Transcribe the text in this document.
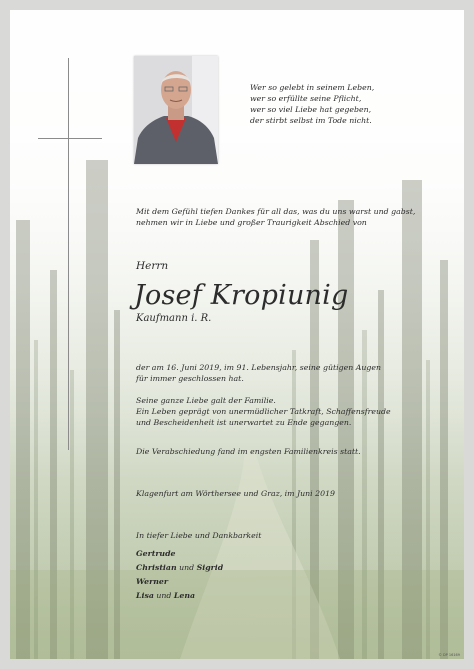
Wer so gelebt in seinem Leben,
wer so erfüllte seine Pflicht,
wer so viel Liebe hat gegeben,
der stirbt selbst im Tode nicht.
Mit dem Gefühl tiefen Dankes für all das, was du uns warst und gabst,
nehmen wir in Liebe und großer Traurigkeit Abschied von
Herrn
Josef Kropiunig
Kaufmann i. R.
der am 16. Juni 2019, im 91. Lebensjahr, seine gütigen Augen
für immer geschlossen hat.
Seine ganze Liebe galt der Familie.
Ein Leben geprägt von unermüdlicher Tatkraft, Schaffensfreude
und Bescheidenheit ist unerwartet zu Ende gegangen.
Die Verabschiedung fand im engsten Familienkreis statt.
Klagenfurt am Wörthersee und Graz, im Juni 2019
In tiefer Liebe und Dankbarkeit
Gertrude
Christian und Sigrid
Werner
Lisa und Lena
© DP 16169
